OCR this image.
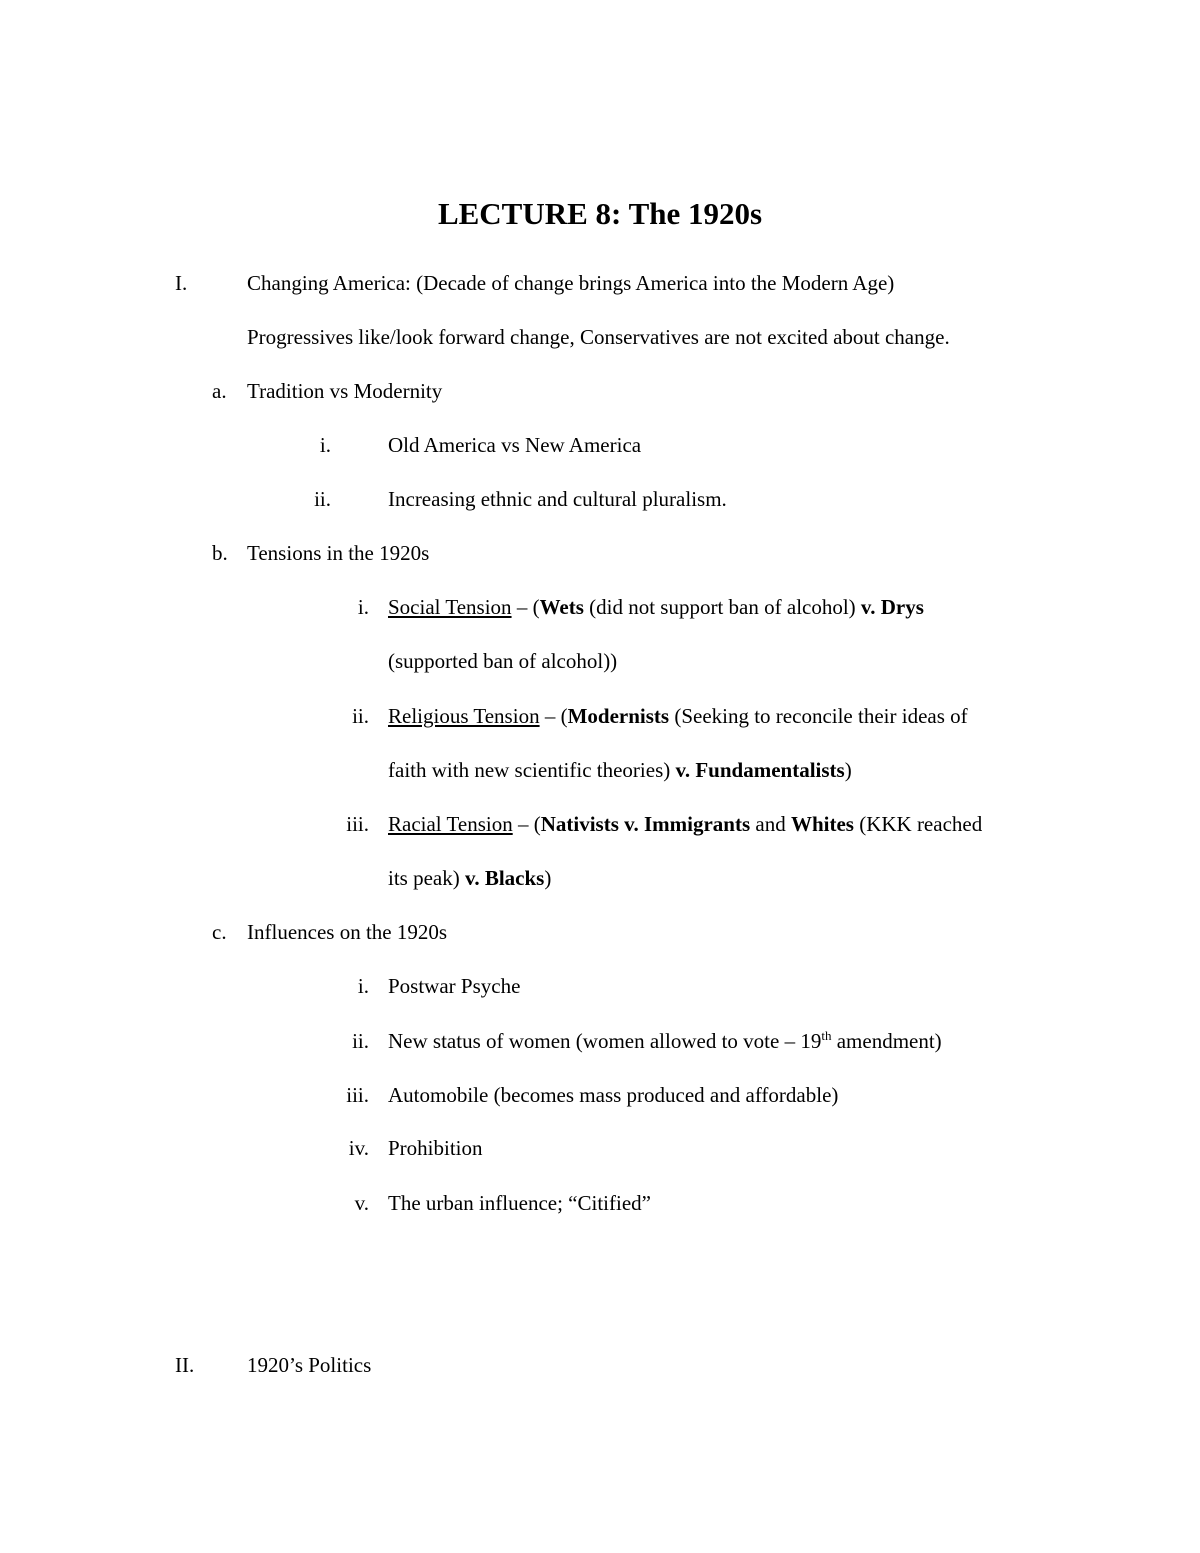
LECTURE 8: The 1920s
I.	Changing America: (Decade of change brings America into the Modern Age)
Progressives like/look forward change, Conservatives are not excited about change.
a. Tradition vs Modernity
i.	Old America vs New America
ii.	Increasing ethnic and cultural pluralism.
b. Tensions in the 1920s
i. Social Tension – (Wets (did not support ban of alcohol) v. Drys
(supported ban of alcohol))
ii. Religious Tension – (Modernists (Seeking to reconcile their ideas of
faith with new scientific theories) v. Fundamentalists)
iii. Racial Tension – (Nativists v. Immigrants and Whites (KKK reached
its peak) v. Blacks)
c. Influences on the 1920s
i. Postwar Psyche
ii. New status of women (women allowed to vote – 19th amendment)
iii. Automobile (becomes mass produced and affordable)
iv. Prohibition
v. The urban influence; “Citified”
II.	1920’s Politics
